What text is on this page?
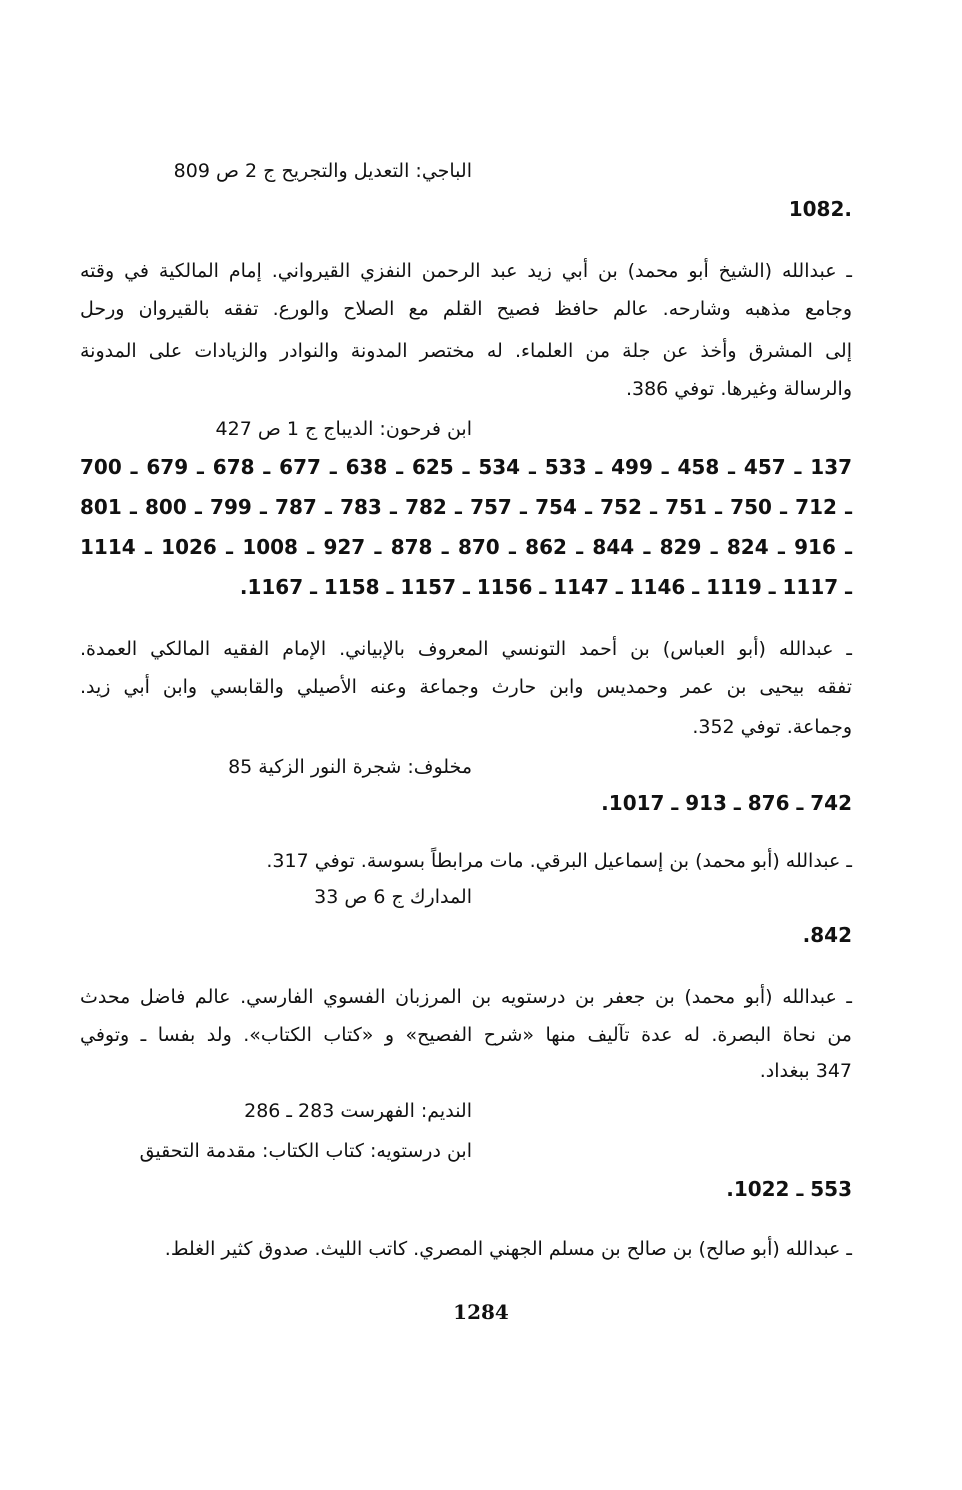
الباجي: التعديل والتجريح ج 2 ص 809
.1082
ـ عبدالله (الشيخ أبو محمد) بن أبي زيد عبد الرحمن النفزي القيرواني. إمام المالكية في وقته
وجامع مذهبه وشارحه. عالم حافظ فصيح القلم مع الصلاح والورع. تفقه بالقيروان ورحل
إلى المشرق وأخذ عن جلة من العلماء. له مختصر المدونة والنوادر والزيادات على المدونة
والرسالة وغيرها. توفي 386.
ابن فرحون: الديباج ج 1 ص 427
137 ـ 457 ـ 458 ـ 499 ـ 533 ـ 534 ـ 625 ـ 638 ـ 677 ـ 678 ـ 679 ـ 700
ـ 712 ـ 750 ـ 751 ـ 752 ـ 754 ـ 757 ـ 782 ـ 783 ـ 787 ـ 799 ـ 800 ـ 801
ـ 916 ـ 824 ـ 829 ـ 844 ـ 862 ـ 870 ـ 878 ـ 927 ـ 1008 ـ 1026 ـ 1114
ـ 1117 ـ 1119 ـ 1146 ـ 1147 ـ 1156 ـ 1157 ـ 1158 ـ 1167.
ـ عبدالله (أبو العباس) بن أحمد التونسي المعروف بالإبياني. الإمام الفقيه المالكي العمدة.
تفقه بيحيى بن عمر وحمديس وابن حارث وجماعة وعنه الأصيلي والقابسي وابن أبي زيد.
وجماعة. توفي 352.
مخلوف: شجرة النور الزكية 85
742 ـ 876 ـ 913 ـ 1017.
ـ عبدالله (أبو محمد) بن إسماعيل البرقي. مات مرابطاً بسوسة. توفي 317.
المدارك ج 6 ص 33
842.
ـ عبدالله (أبو محمد) بن جعفر بن درستويه بن المرزبان الفسوي الفارسي. عالم فاضل محدث
من نحاة البصرة. له عدة تآليف منها «شرح الفصيح» و «كتاب الكتاب». ولد بفسا ـ وتوفي
347 ببغداد.
النديم: الفهرست 283 ـ 286
ابن درستويه: كتاب الكتاب: مقدمة التحقيق
553 ـ 1022.
ـ عبدالله (أبو صالح) بن صالح بن مسلم الجهني المصري. كاتب الليث. صدوق كثير الغلط.
1284
